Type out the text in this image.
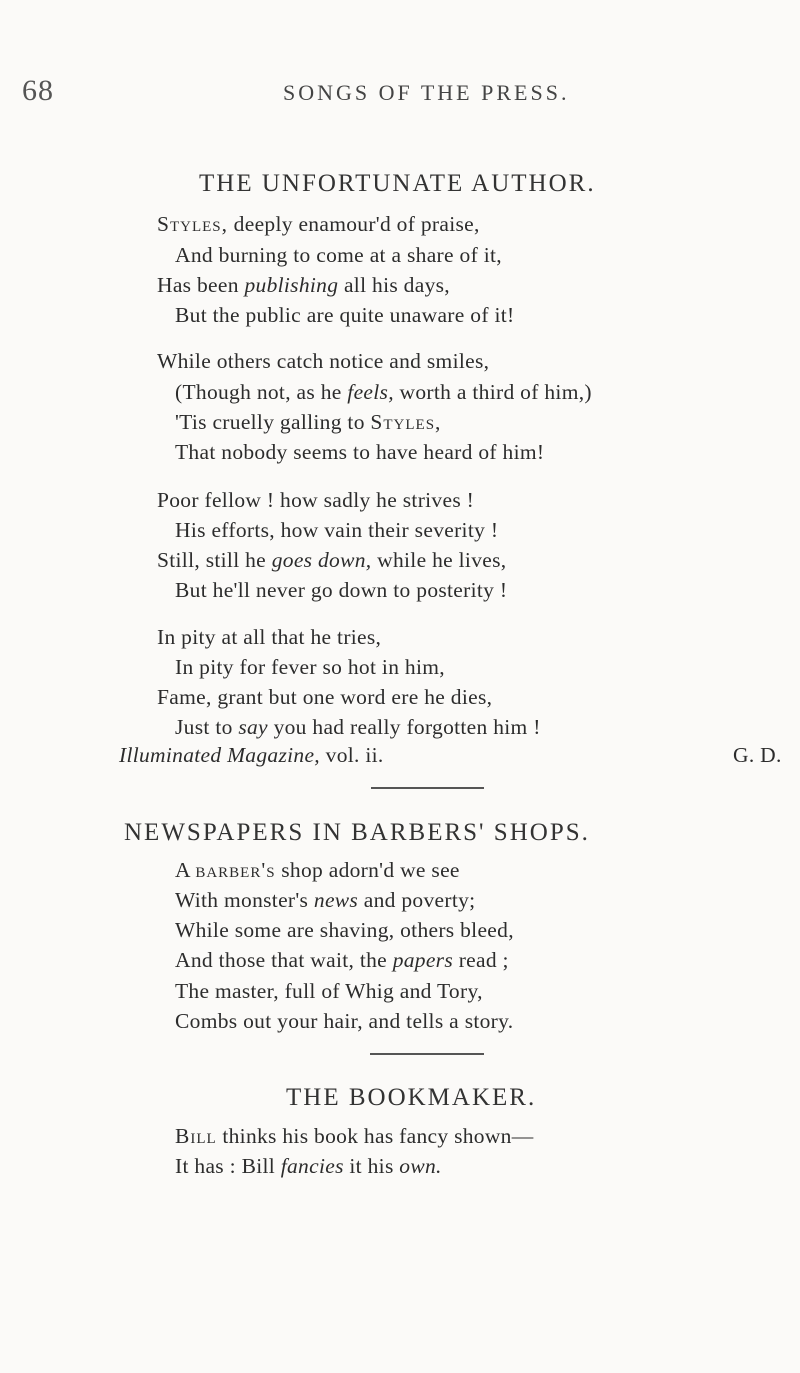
68	SONGS OF THE PRESS.
THE UNFORTUNATE AUTHOR.
Styles, deeply enamour'd of praise,
And burning to come at a share of it,
Has been publishing all his days,
But the public are quite unaware of it!
While others catch notice and smiles,
(Though not, as he feels, worth a third of him,)
'Tis cruelly galling to Styles,
That nobody seems to have heard of him!
Poor fellow ! how sadly he strives !
His efforts, how vain their severity !
Still, still he goes down, while he lives,
But he'll never go down to posterity !
In pity at all that he tries,
In pity for fever so hot in him,
Fame, grant but one word ere he dies,
Just to say you had really forgotten him !
Illuminated Magazine, vol. ii.	G. D.
NEWSPAPERS IN BARBERS' SHOPS.
A barber's shop adorn'd we see
With monster's news and poverty;
While some are shaving, others bleed,
And those that wait, the papers read ;
The master, full of Whig and Tory,
Combs out your hair, and tells a story.
THE BOOKMAKER.
Bill thinks his book has fancy shown—
It has : Bill fancies it his own.
